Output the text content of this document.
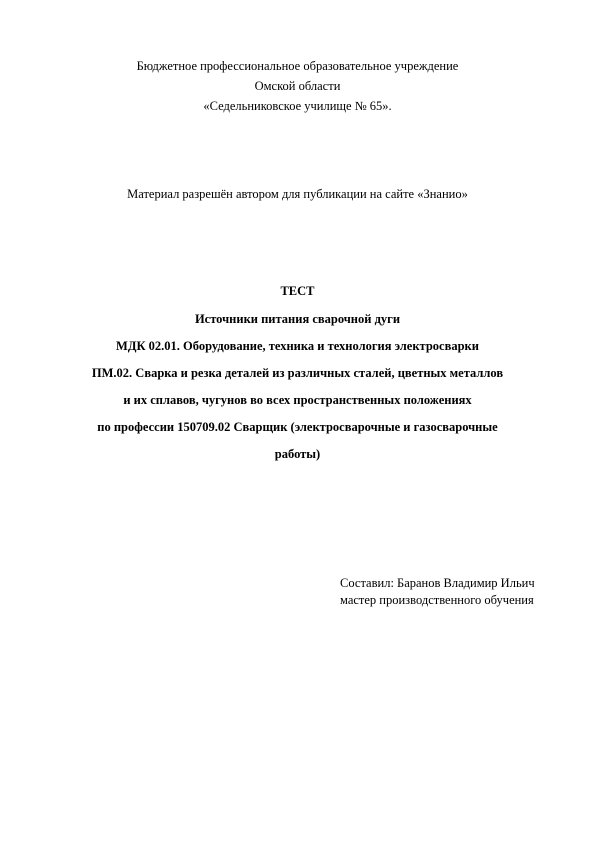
Бюджетное профессиональное образовательное учреждение
Омской области
«Седельниковское училище № 65».
Материал разрешён автором для публикации на сайте «Знанио»
ТЕСТ
Источники питания сварочной дуги
МДК 02.01. Оборудование, техника и технология электросварки
ПМ.02. Сварка и резка деталей из различных сталей, цветных металлов
и их сплавов, чугунов во всех пространственных положениях
по профессии 150709.02 Сварщик (электросварочные и газосварочные
работы)
Составил: Баранов Владимир Ильич
мастер производственного обучения
